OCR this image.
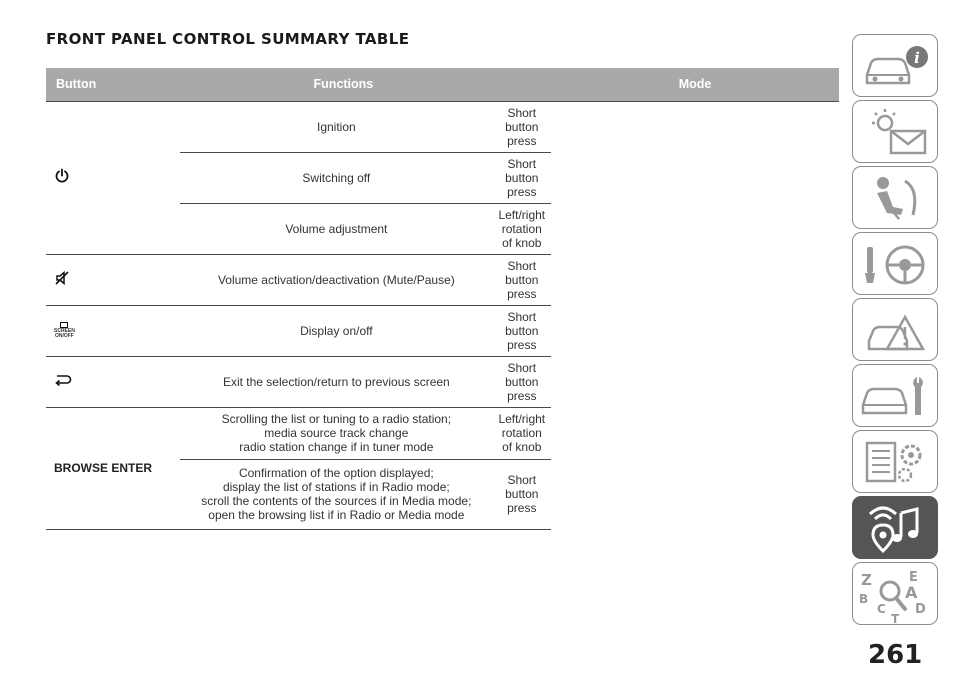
FRONT PANEL CONTROL SUMMARY TABLE
Button		Functions		Mode
	Ignition		Short button press	
	Switching off		Short button press	
	Volume adjustment		Left/right rotation of knob	
	Volume activation/deactivation (Mute/Pause)		Short button press	

SCREEN
ON/OFF	Display on/off		Short button press	
	Exit the selection/return to previous screen		Short button press	
BROWSE ENTER	Scrolling the list or tuning to a radio station;
media source track change
radio station change if in tuner mode		Left/right rotation of knob	

	Confirmation of the option displayed;
display the list of stations if in Radio mode;
scroll the contents of the sources if in Media mode;
open the browsing list if in Radio or Media mode		Short button press	
i
Z	E
B A
C D
T
261
